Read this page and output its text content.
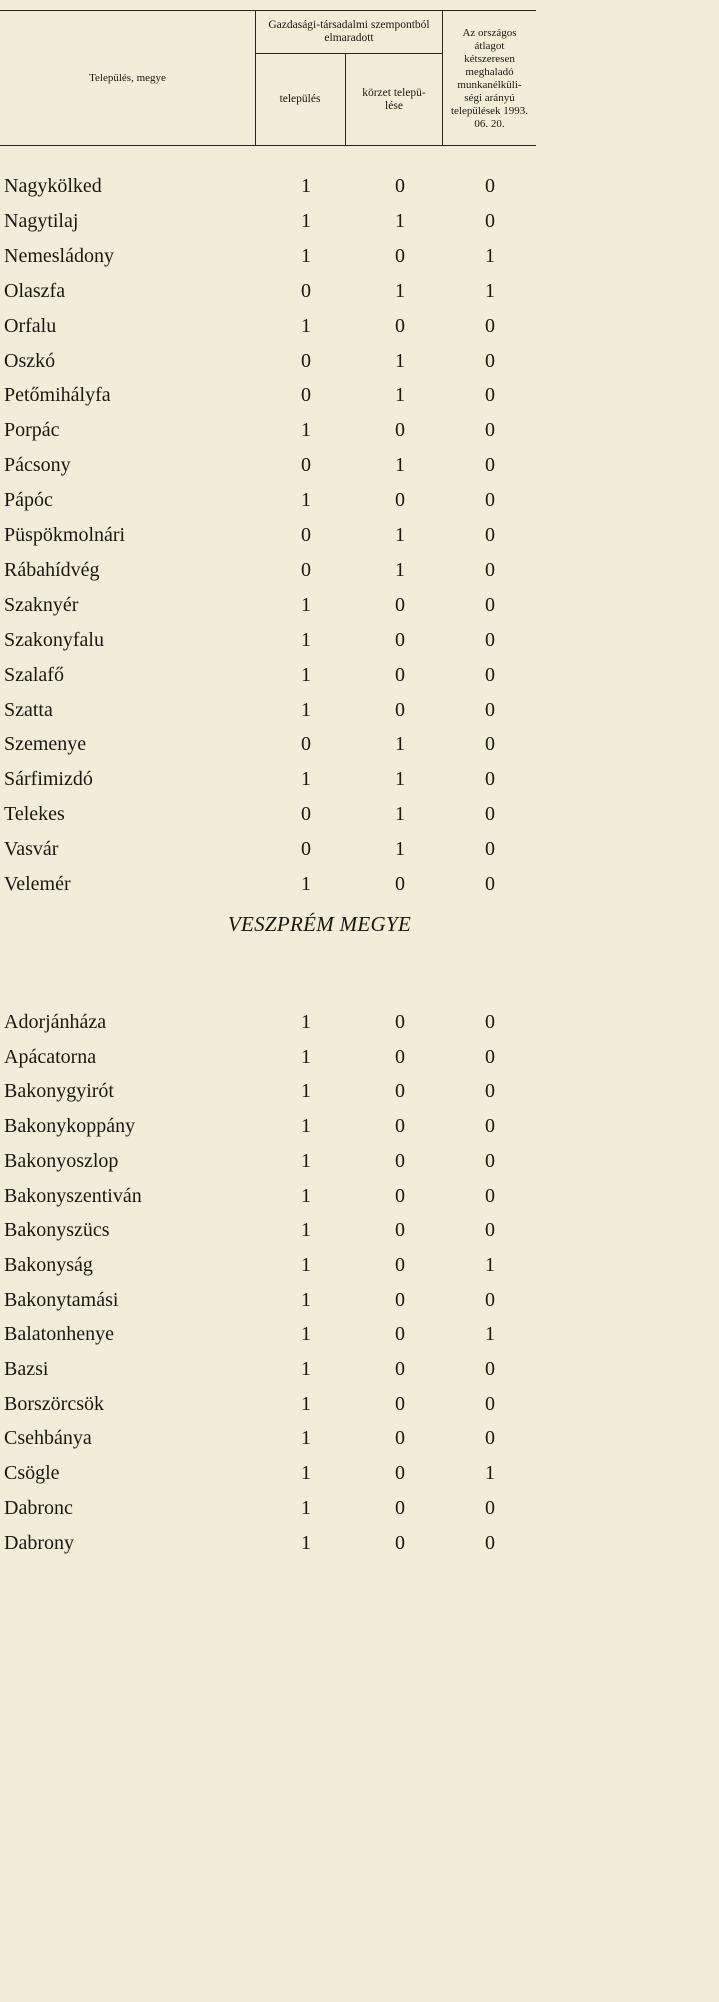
Település, megye
Gazdasági-társadalmi szempontból elmaradott
település
körzet telepü-lése
Az országos átlagot kétszeresen meghaladó munkanélküli-ségi arányú települések 1993. 06. 20.
Nagykölked	1	0	0
Nagytilaj	1	1	0
Nemesládony	1	0	1
Olaszfa	0	1	1
Orfalu	1	0	0
Oszkó	0	1	0
Petőmihályfa	0	1	0
Porpác	1	0	0
Pácsony	0	1	0
Pápóc	1	0	0
Püspökmolnári	0	1	0
Rábahídvég	0	1	0
Szaknyér	1	0	0
Szakonyfalu	1	0	0
Szalafő	1	0	0
Szatta	1	0	0
Szemenye	0	1	0
Sárfimizdó	1	1	0
Telekes	0	1	0
Vasvár	0	1	0
Velemér	1	0	0
VESZPRÉM MEGYE
Adorjánháza	1	0	0
Apácatorna	1	0	0
Bakonygyirót	1	0	0
Bakonykoppány	1	0	0
Bakonyoszlop	1	0	0
Bakonyszentiván	1	0	0
Bakonyszücs	1	0	0
Bakonyság	1	0	1
Bakonytamási	1	0	0
Balatonhenye	1	0	1
Bazsi	1	0	0
Borszörcsök	1	0	0
Csehbánya	1	0	0
Csögle	1	0	1
Dabronc	1	0	0
Dabrony	1	0	0
